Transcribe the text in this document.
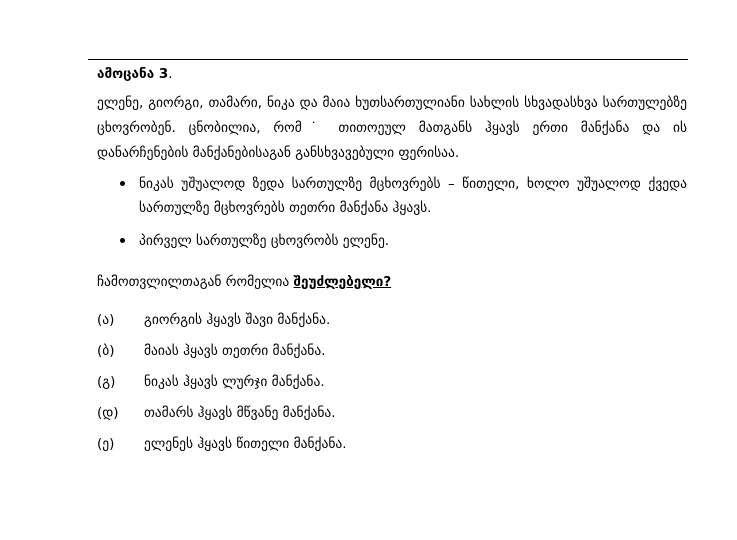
ამოცანა 3.

ელენე, გიორგი, თამარი, ნიკა და მაია ხუთსართულიანი სახლის სხვადასხვა სართულებზე ცხოვრობენ. ცნობილია, რომ˙ თითოეულ მათგანს ჰყავს ერთი მანქანა და ის დანარჩენების მანქანებისაგან განსხვავებული ფერისაა.

ნიკას უშუალოდ ზედა სართულზე მცხოვრებს – წითელი, ხოლო უშუალოდ ქვედა სართულზე მცხოვრებს თეთრი მანქანა ჰყავს.
პირველ სართულზე ცხოვრობს ელენე.

ჩამოთვლილთაგან რომელია შეუძლებელი?

(ა)	გიორგის ჰყავს შავი მანქანა.
(ბ)	მაიას ჰყავს თეთრი მანქანა.
(გ)	ნიკას ჰყავს ლურჯი მანქანა.
(დ)	თამარს ჰყავს მწვანე მანქანა.
(ე)	ელენეს ჰყავს წითელი მანქანა.
